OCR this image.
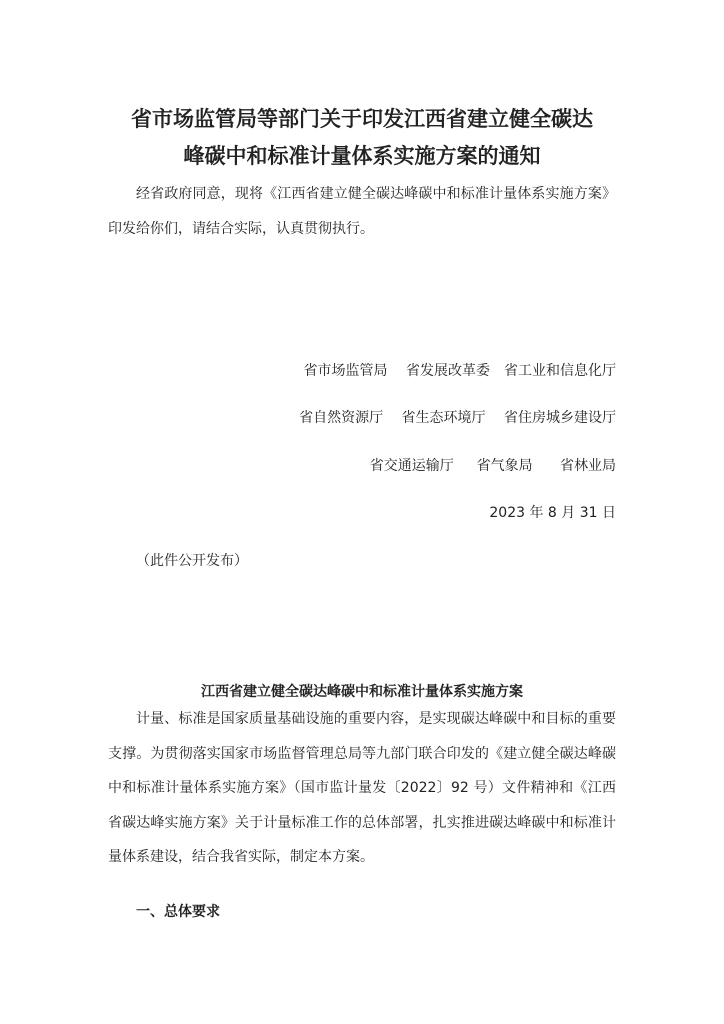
省市场监管局等部门关于印发江西省建立健全碳达
峰碳中和标准计量体系实施方案的通知

经省政府同意，现将《江西省建立健全碳达峰碳中和标准计量体系实施方案》印发给你们，请结合实际，认真贯彻执行。

省市场监管局　 省发展改革委　省工业和信息化厅
省自然资源厅　 省生态环境厅　 省住房城乡建设厅
省交通运输厅　  省气象局　   省林业局
2023 年 8 月 31 日
（此件公开发布）
江西省建立健全碳达峰碳中和标准计量体系实施方案

计量、标准是国家质量基础设施的重要内容，是实现碳达峰碳中和目标的重要支撑。为贯彻落实国家市场监督管理总局等九部门联合印发的《建立健全碳达峰碳中和标准计量体系实施方案》（国市监计量发〔2022〕92 号）文件精神和《江西省碳达峰实施方案》关于计量标准工作的总体部署，扎实推进碳达峰碳中和标准计量体系建设，结合我省实际，制定本方案。

一、总体要求
